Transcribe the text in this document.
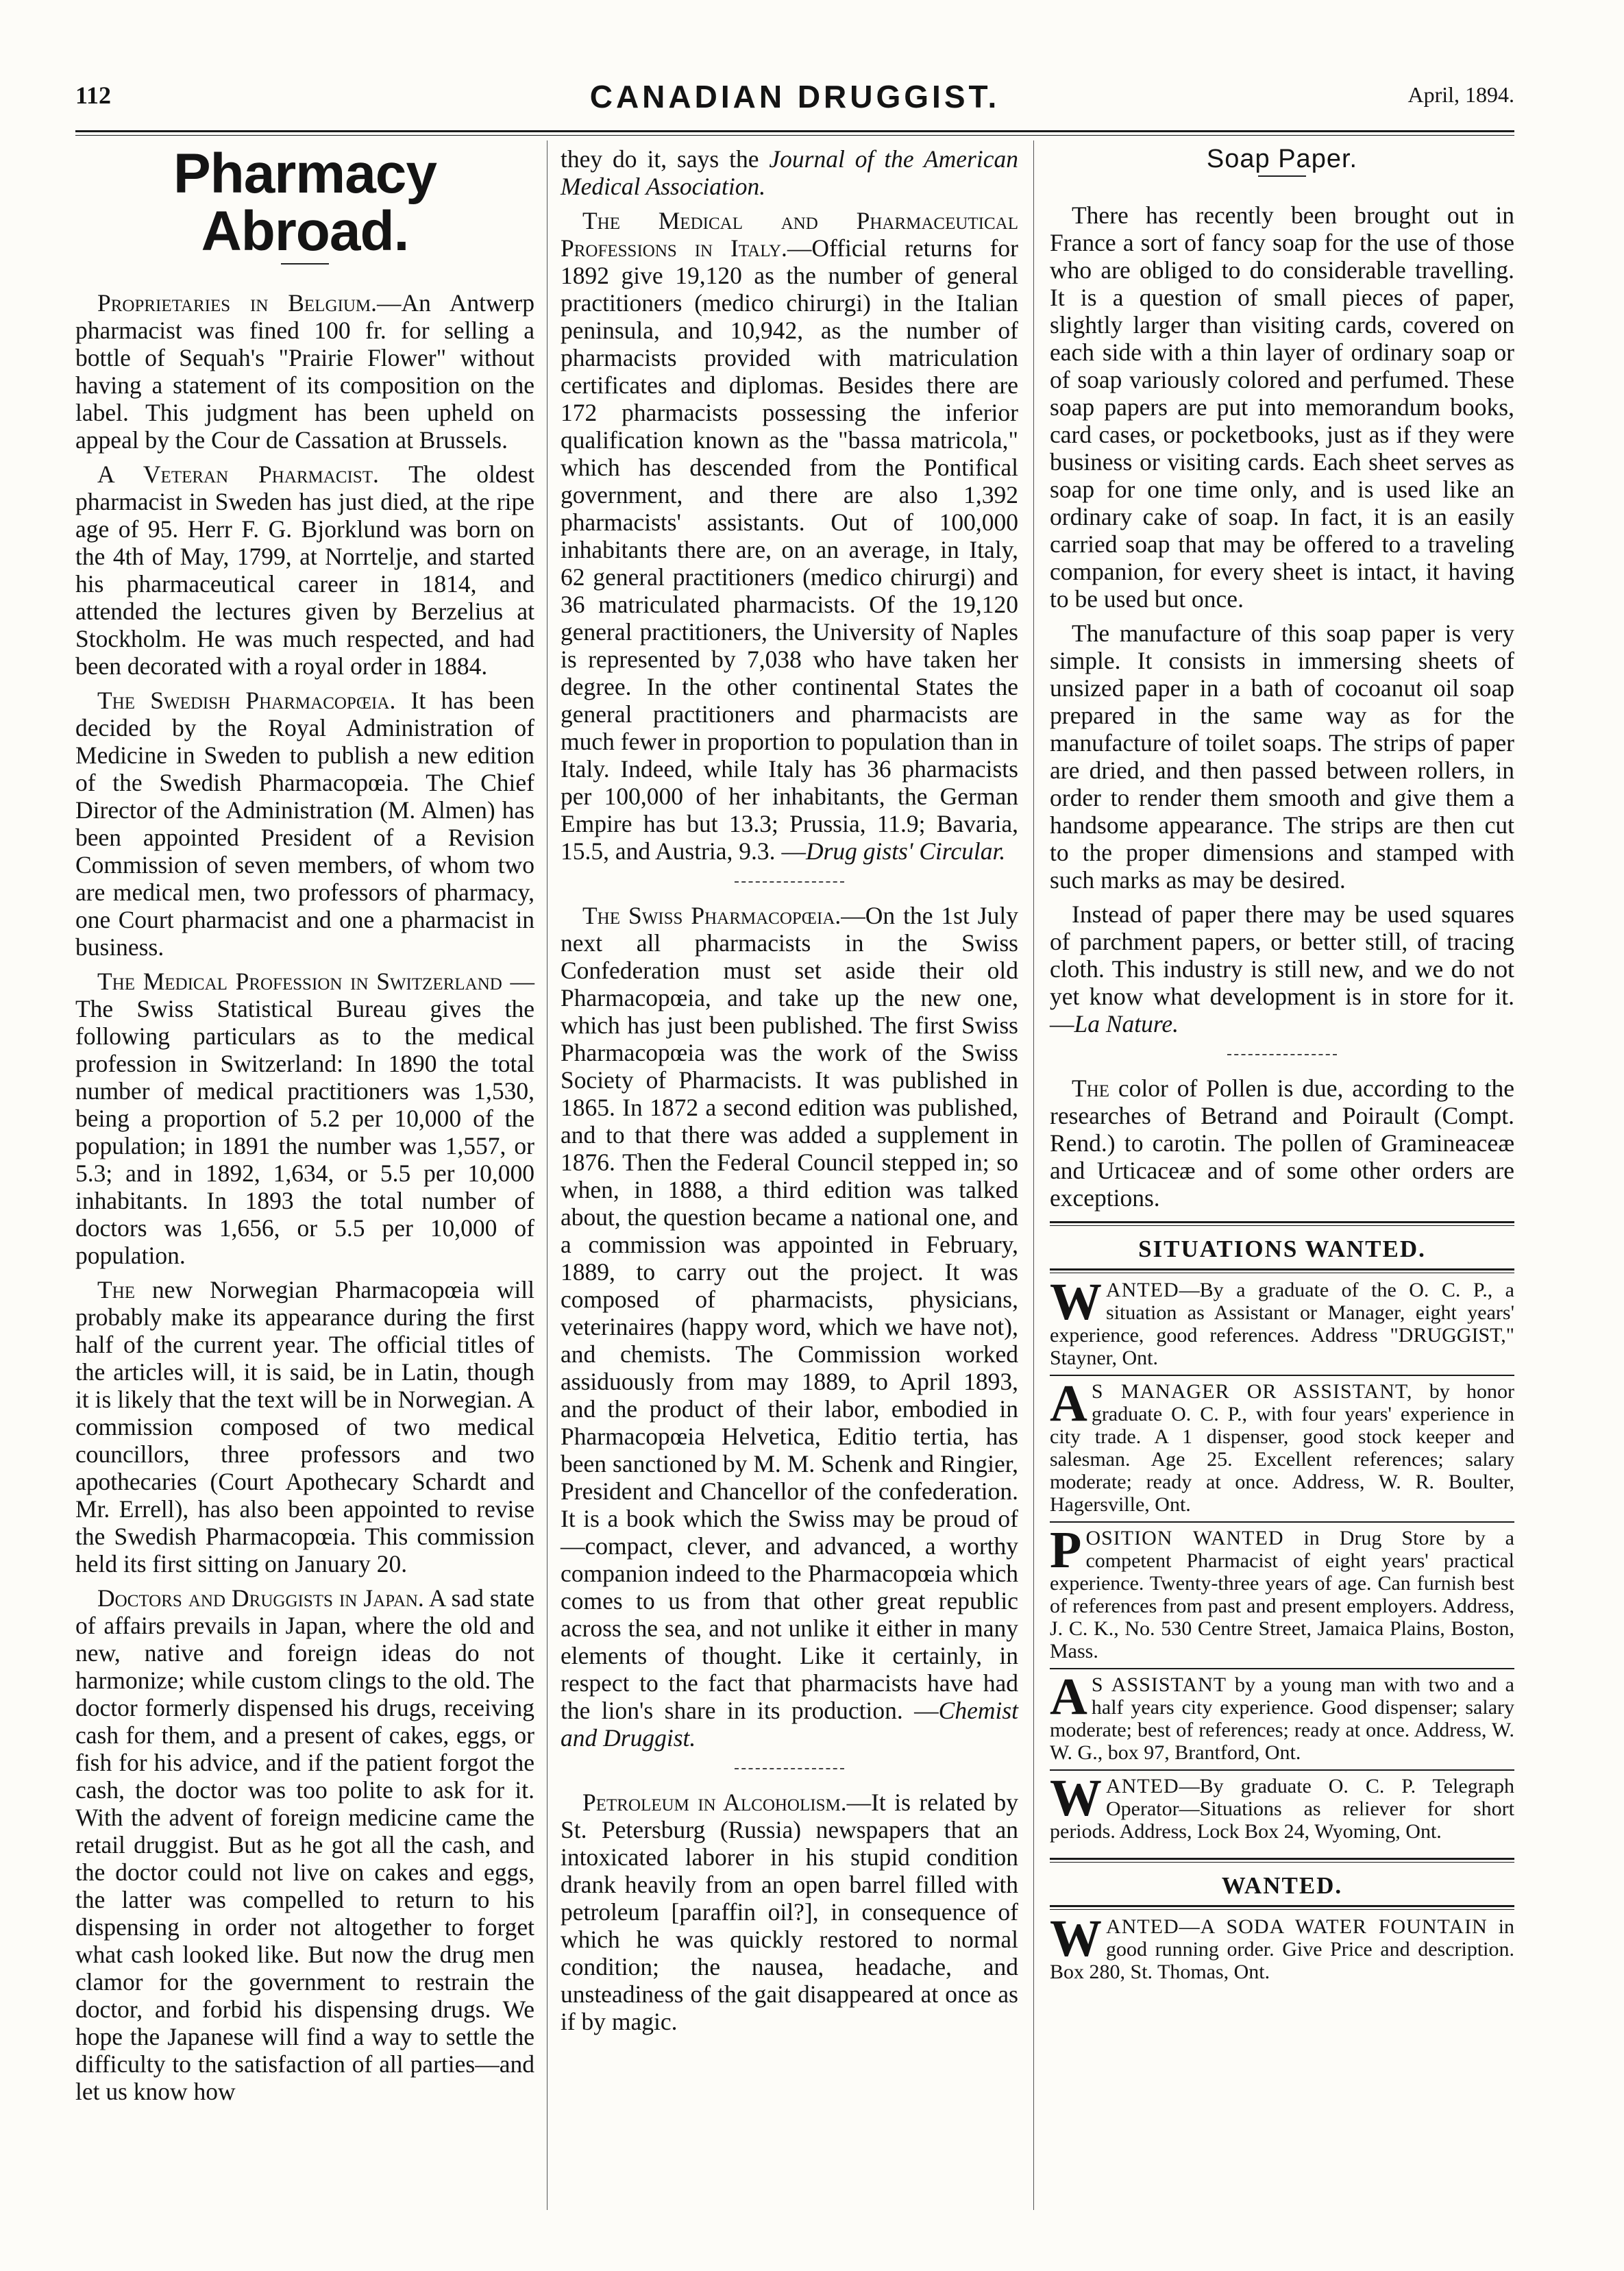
112	CANADIAN DRUGGIST.	April, 1894.
Pharmacy Abroad.

Proprietaries in Belgium.—An Antwerp pharmacist was fined 100 fr. for selling a bottle of Sequah's "Prairie Flower" without having a statement of its composition on the label. This judgment has been upheld on appeal by the Cour de Cassation at Brussels.

A Veteran Pharmacist. The oldest pharmacist in Sweden has just died, at the ripe age of 95. Herr F. G. Bjorklund was born on the 4th of May, 1799, at Norrtelje, and started his pharmaceutical career in 1814, and attended the lectures given by Berzelius at Stockholm. He was much respected, and had been decorated with a royal order in 1884.

The Swedish Pharmacopœia. It has been decided by the Royal Administration of Medicine in Sweden to publish a new edition of the Swedish Pharmacopœia. The Chief Director of the Administration (M. Almen) has been appointed President of a Revision Commission of seven members, of whom two are medical men, two professors of pharmacy, one Court pharmacist and one a pharmacist in business.

The Medical Profession in Switzerland —The Swiss Statistical Bureau gives the following particulars as to the medical profession in Switzerland: In 1890 the total number of medical practitioners was 1,530, being a proportion of 5.2 per 10,000 of the population; in 1891 the number was 1,557, or 5.3; and in 1892, 1,634, or 5.5 per 10,000 inhabitants. In 1893 the total number of doctors was 1,656, or 5.5 per 10,000 of population.

The new Norwegian Pharmacopœia will probably make its appearance during the first half of the current year. The official titles of the articles will, it is said, be in Latin, though it is likely that the text will be in Norwegian. A commission composed of two medical councillors, three professors and two apothecaries (Court Apothecary Schardt and Mr. Errell), has also been appointed to revise the Swedish Pharmacopœia. This commission held its first sitting on January 20.

Doctors and Druggists in Japan. A sad state of affairs prevails in Japan, where the old and new, native and foreign ideas do not harmonize; while custom clings to the old. The doctor formerly dispensed his drugs, receiving cash for them, and a present of cakes, eggs, or fish for his advice, and if the patient forgot the cash, the doctor was too polite to ask for it. With the advent of foreign medicine came the retail druggist. But as he got all the cash, and the doctor could not live on cakes and eggs, the latter was compelled to return to his dispensing in order not altogether to forget what cash looked like. But now the drug men clamor for the government to restrain the doctor, and forbid his dispensing drugs. We hope the Japanese will find a way to settle the difficulty to the satisfaction of all parties—and let us know how

they do it, says the Journal of the American Medical Association.

The Medical and Pharmaceutical Professions in Italy.—Official returns for 1892 give 19,120 as the number of general practitioners (medico chirurgi) in the Italian peninsula, and 10,942, as the number of pharmacists provided with matriculation certificates and diplomas. Besides there are 172 pharmacists possessing the inferior qualification known as the "bassa matricola," which has descended from the Pontifical government, and there are also 1,392 pharmacists' assistants. Out of 100,000 inhabitants there are, on an average, in Italy, 62 general practitioners (medico chirurgi) and 36 matriculated pharmacists. Of the 19,120 general practitioners, the University of Naples is represented by 7,038 who have taken her degree. In the other continental States the general practitioners and pharmacists are much fewer in proportion to population than in Italy. Indeed, while Italy has 36 pharmacists per 100,000 of her inhabitants, the German Empire has but 13.3; Prussia, 11.9; Bavaria, 15.5, and Austria, 9.3. —Drug gists' Circular.

The Swiss Pharmacopœia.—On the 1st July next all pharmacists in the Swiss Confederation must set aside their old Pharmacopœia, and take up the new one, which has just been published. The first Swiss Pharmacopœia was the work of the Swiss Society of Pharmacists. It was published in 1865. In 1872 a second edition was published, and to that there was added a supplement in 1876. Then the Federal Council stepped in; so when, in 1888, a third edition was talked about, the question became a national one, and a commission was appointed in February, 1889, to carry out the project. It was composed of pharmacists, physicians, veterinaires (happy word, which we have not), and chemists. The Commission worked assiduously from may 1889, to April 1893, and the product of their labor, embodied in Pharmacopœia Helvetica, Editio tertia, has been sanctioned by M. M. Schenk and Ringier, President and Chancellor of the confederation. It is a book which the Swiss may be proud of—compact, clever, and advanced, a worthy companion indeed to the Pharmacopœia which comes to us from that other great republic across the sea, and not unlike it either in many elements of thought. Like it certainly, in respect to the fact that pharmacists have had the lion's share in its production. —Chemist and Druggist.

Petroleum in Alcoholism.—It is related by St. Petersburg (Russia) newspapers that an intoxicated laborer in his stupid condition drank heavily from an open barrel filled with petroleum [paraffin oil?], in consequence of which he was quickly restored to normal condition; the nausea, headache, and unsteadiness of the gait disappeared at once as if by magic.

Soap Paper.

There has recently been brought out in France a sort of fancy soap for the use of those who are obliged to do considerable travelling. It is a question of small pieces of paper, slightly larger than visiting cards, covered on each side with a thin layer of ordinary soap or of soap variously colored and perfumed. These soap papers are put into memorandum books, card cases, or pocketbooks, just as if they were business or visiting cards. Each sheet serves as soap for one time only, and is used like an ordinary cake of soap. In fact, it is an easily carried soap that may be offered to a traveling companion, for every sheet is intact, it having to be used but once.

The manufacture of this soap paper is very simple. It consists in immersing sheets of unsized paper in a bath of cocoanut oil soap prepared in the same way as for the manufacture of toilet soaps. The strips of paper are dried, and then passed between rollers, in order to render them smooth and give them a handsome appearance. The strips are then cut to the proper dimensions and stamped with such marks as may be desired.

Instead of paper there may be used squares of parchment papers, or better still, of tracing cloth. This industry is still new, and we do not yet know what development is in store for it. —La Nature.

The color of Pollen is due, according to the researches of Betrand and Poirault (Compt. Rend.) to carotin. The pollen of Gramineaceæ and Urticaceæ and of some other orders are exceptions.

SITUATIONS WANTED.
WANTED—By a graduate of the O. C. P., a situation as Assistant or Manager, eight years' experience, good references. Address "DRUGGIST," Stayner, Ont.
A S MANAGER OR ASSISTANT, by honor graduate O. C. P., with four years' experience in city trade. A 1 dispenser, good stock keeper and salesman. Age 25. Excellent references; salary moderate; ready at once. Address, W. R. Boulter, Hagersville, Ont.
POSITION WANTED in Drug Store by a competent Pharmacist of eight years' practical experience. Twenty-three years of age. Can furnish best of references from past and present employers. Address, J. C. K., No. 530 Centre Street, Jamaica Plains, Boston, Mass.
A S ASSISTANT by a young man with two and a half years city experience. Good dispenser; salary moderate; best of references; ready at once. Address, W. W. G., box 97, Brantford, Ont.
WANTED—By graduate O. C. P. Telegraph Operator—Situations as reliever for short periods. Address, Lock Box 24, Wyoming, Ont.
WANTED.
WANTED—A SODA WATER FOUNTAIN in good running order. Give Price and description. Box 280, St. Thomas, Ont.
